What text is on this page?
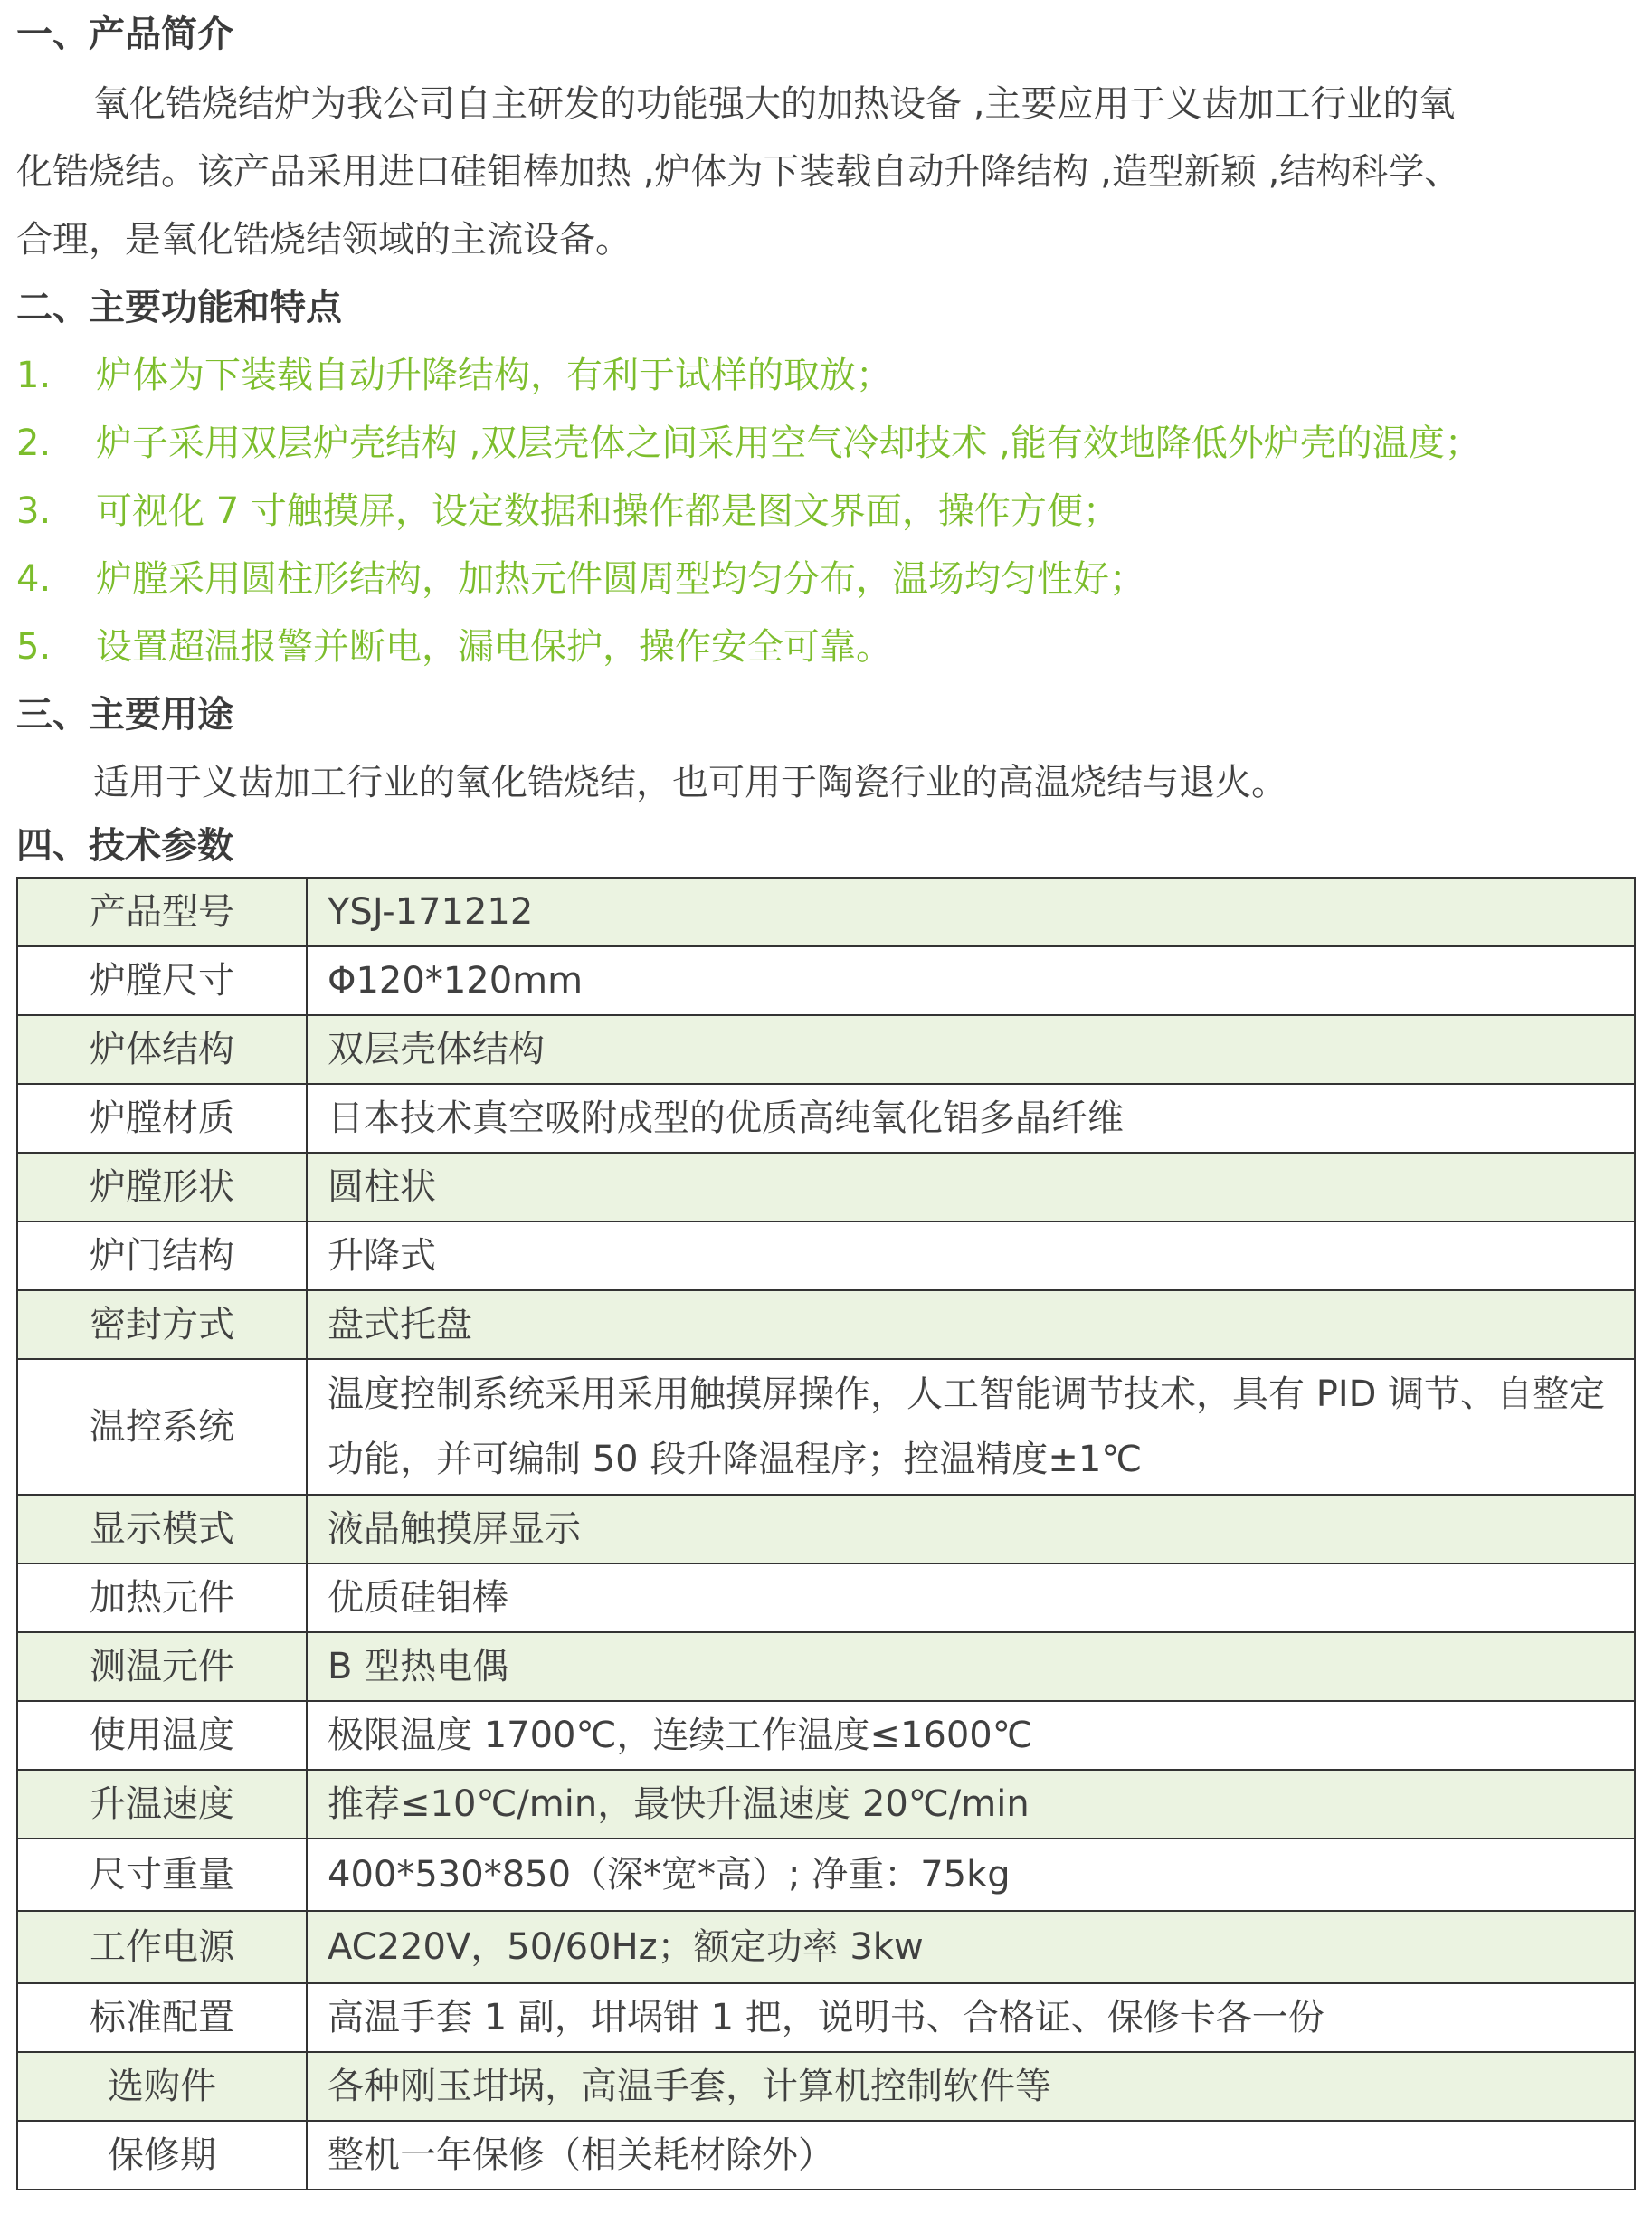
一、产品简介
氧化锆烧结炉为我公司自主研发的功能强大的加热设备 ,主要应用于义齿加工行业的氧
化锆烧结。该产品采用进口硅钼棒加热 ,炉体为下装载自动升降结构 ,造型新颖 ,结构科学、
合理，是氧化锆烧结领域的主流设备。
二、主要功能和特点
1. 炉体为下装载自动升降结构，有利于试样的取放；
2. 炉子采用双层炉壳结构 ,双层壳体之间采用空气冷却技术 ,能有效地降低外炉壳的温度；
3. 可视化 7 寸触摸屏，设定数据和操作都是图文界面，操作方便；
4. 炉膛采用圆柱形结构，加热元件圆周型均匀分布，温场均匀性好；
5. 设置超温报警并断电，漏电保护，操作安全可靠。
三、主要用途
适用于义齿加工行业的氧化锆烧结，也可用于陶瓷行业的高温烧结与退火。
四、技术参数
产品型号	YSJ-171212
炉膛尺寸	Φ120*120mm
炉体结构	双层壳体结构
炉膛材质	日本技术真空吸附成型的优质高纯氧化铝多晶纤维
炉膛形状	圆柱状
炉门结构	升降式
密封方式	盘式托盘
温控系统	温度控制系统采用采用触摸屏操作，人工智能调节技术，具有 PID 调节、自整定功能，并可编制 50 段升降温程序；控温精度±1℃
显示模式	液晶触摸屏显示
加热元件	优质硅钼棒
测温元件	B 型热电偶
使用温度	极限温度 1700℃，连续工作温度≤1600℃
升温速度	推荐≤10℃/min，最快升温速度 20℃/min
尺寸重量	400*530*850（深*宽*高）; 净重：75kg
工作电源	AC220V，50/60Hz；额定功率 3kw
标准配置	高温手套 1 副，坩埚钳 1 把，说明书、合格证、保修卡各一份
选购件	各种刚玉坩埚，高温手套，计算机控制软件等
保修期	整机一年保修（相关耗材除外）
